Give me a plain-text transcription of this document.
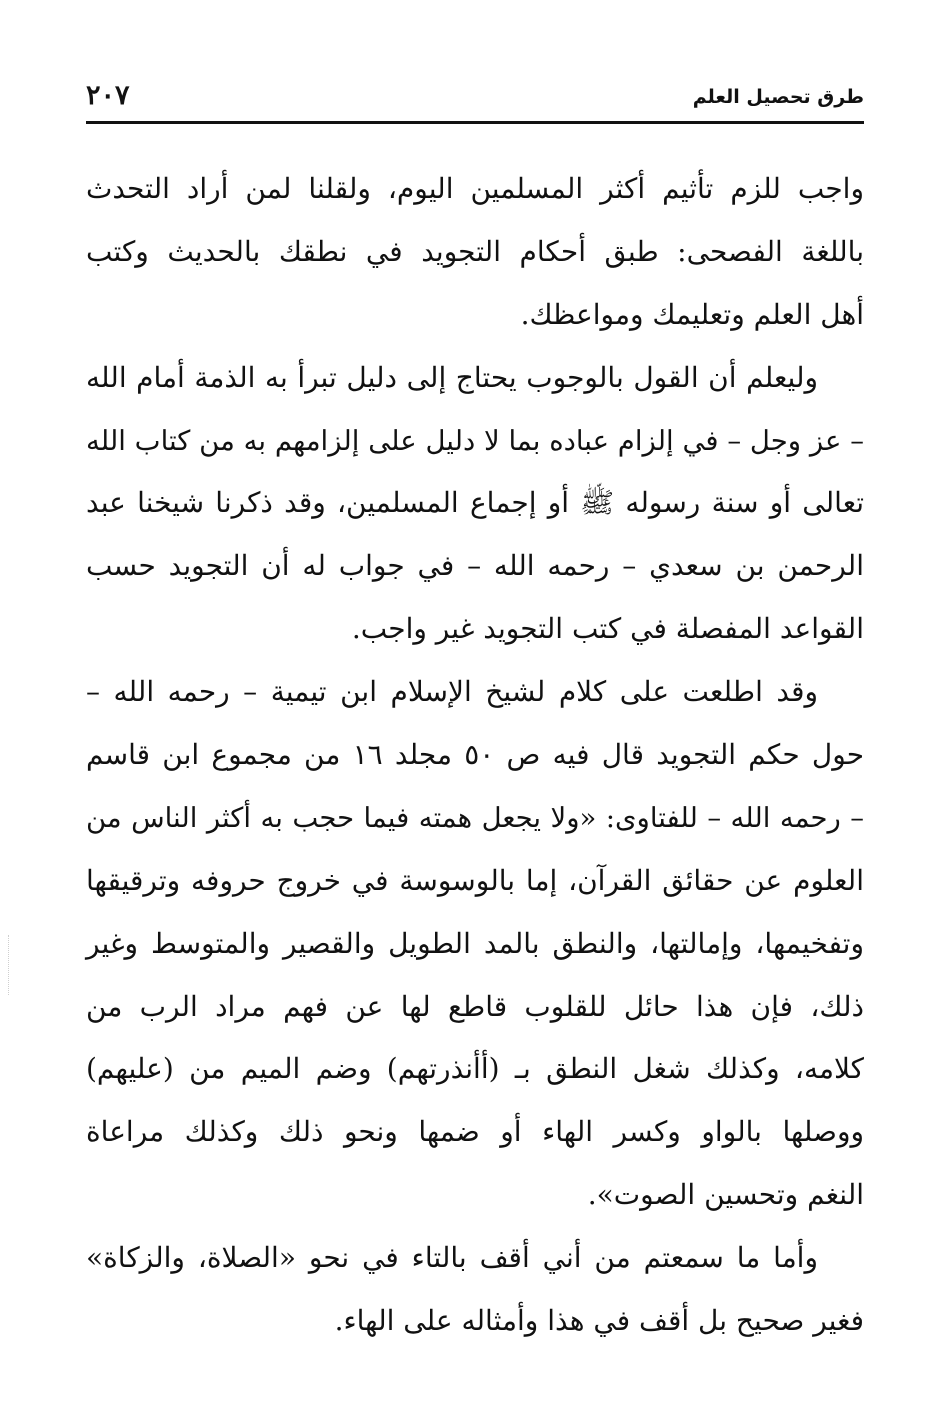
طرق تحصيل العلم
٢٠٧
واجب للزم تأثيم أكثر المسلمين اليوم، ولقلنا لمن أراد التحدث
باللغة الفصحى: طبق أحكام التجويد في نطقك بالحديث وكتب
أهل العلم وتعليمك ومواعظك.
وليعلم أن القول بالوجوب يحتاج إلى دليل تبرأ به الذمة أمام الله
– عز وجل – في إلزام عباده بما لا دليل على إلزامهم به من كتاب الله
تعالى أو سنة رسوله ﷺ أو إجماع المسلمين، وقد ذكرنا شيخنا عبد
الرحمن بن سعدي – رحمه الله – في جواب له أن التجويد حسب
القواعد المفصلة في كتب التجويد غير واجب.
وقد اطلعت على كلام لشيخ الإسلام ابن تيمية – رحمه الله –
حول حكم التجويد قال فيه ص ٥٠ مجلد ١٦ من مجموع ابن قاسم
– رحمه الله – للفتاوى: «ولا يجعل همته فيما حجب به أكثر الناس من
العلوم عن حقائق القرآن، إما بالوسوسة في خروج حروفه وترقيقها
وتفخيمها، وإمالتها، والنطق بالمد الطويل والقصير والمتوسط وغير
ذلك، فإن هذا حائل للقلوب قاطع لها عن فهم مراد الرب من
كلامه، وكذلك شغل النطق بـ (أأنذرتهم) وضم الميم من (عليهم)
ووصلها بالواو وكسر الهاء أو ضمها ونحو ذلك وكذلك مراعاة
النغم وتحسين الصوت».
وأما ما سمعتم من أني أقف بالتاء في نحو «الصلاة، والزكاة»
فغير صحيح بل أقف في هذا وأمثاله على الهاء.
